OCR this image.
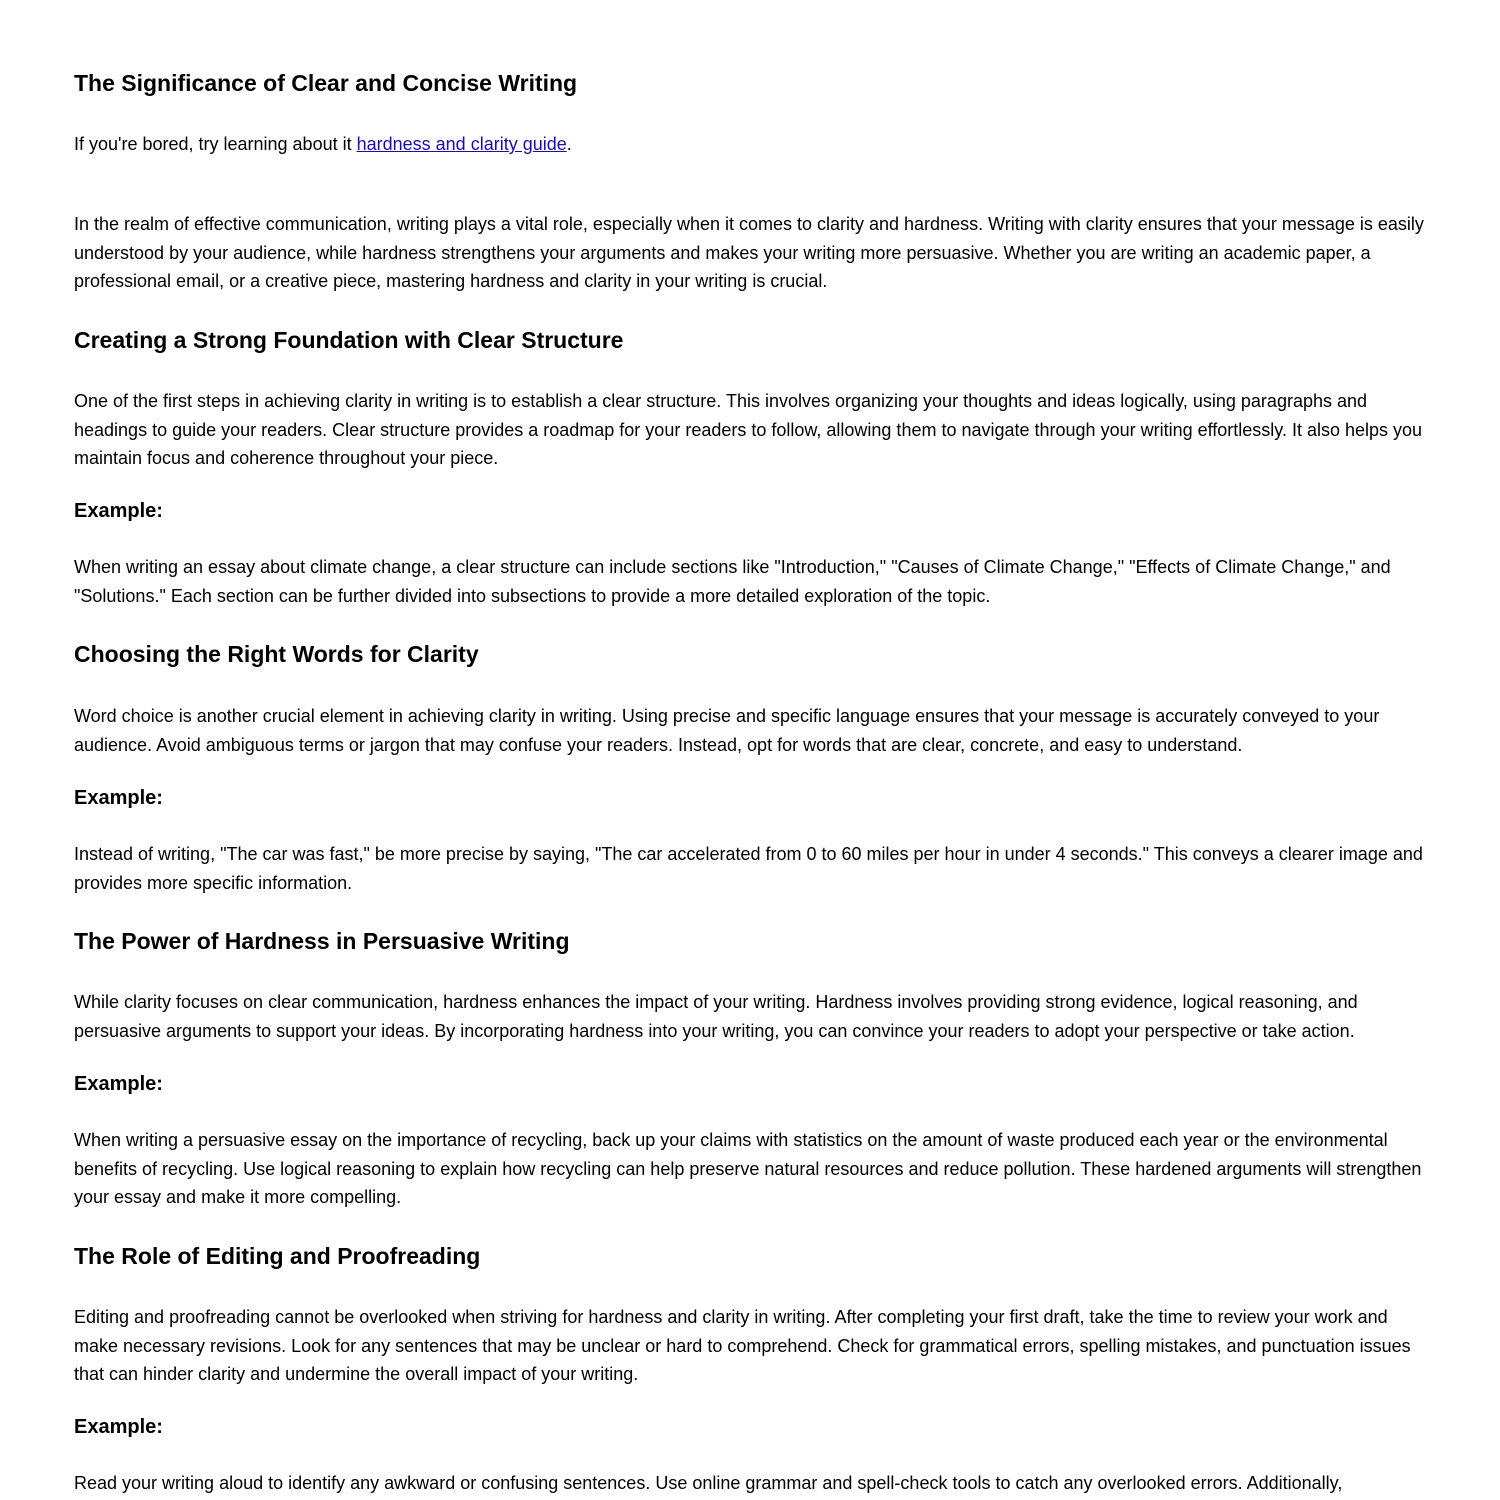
The Significance of Clear and Concise Writing

If you're bored, try learning about it hardness and clarity guide.

In the realm of effective communication, writing plays a vital role, especially when it comes to clarity and hardness. Writing with clarity ensures that your message is easily understood by your audience, while hardness strengthens your arguments and makes your writing more persuasive. Whether you are writing an academic paper, a professional email, or a creative piece, mastering hardness and clarity in your writing is crucial.

Creating a Strong Foundation with Clear Structure

One of the first steps in achieving clarity in writing is to establish a clear structure. This involves organizing your thoughts and ideas logically, using paragraphs and headings to guide your readers. Clear structure provides a roadmap for your readers to follow, allowing them to navigate through your writing effortlessly. It also helps you maintain focus and coherence throughout your piece.

Example:

When writing an essay about climate change, a clear structure can include sections like "Introduction," "Causes of Climate Change," "Effects of Climate Change," and "Solutions." Each section can be further divided into subsections to provide a more detailed exploration of the topic.

Choosing the Right Words for Clarity

Word choice is another crucial element in achieving clarity in writing. Using precise and specific language ensures that your message is accurately conveyed to your audience. Avoid ambiguous terms or jargon that may confuse your readers. Instead, opt for words that are clear, concrete, and easy to understand.

Example:

Instead of writing, "The car was fast," be more precise by saying, "The car accelerated from 0 to 60 miles per hour in under 4 seconds." This conveys a clearer image and provides more specific information.

The Power of Hardness in Persuasive Writing

While clarity focuses on clear communication, hardness enhances the impact of your writing. Hardness involves providing strong evidence, logical reasoning, and persuasive arguments to support your ideas. By incorporating hardness into your writing, you can convince your readers to adopt your perspective or take action.

Example:

When writing a persuasive essay on the importance of recycling, back up your claims with statistics on the amount of waste produced each year or the environmental benefits of recycling. Use logical reasoning to explain how recycling can help preserve natural resources and reduce pollution. These hardened arguments will strengthen your essay and make it more compelling.

The Role of Editing and Proofreading

Editing and proofreading cannot be overlooked when striving for hardness and clarity in writing. After completing your first draft, take the time to review your work and make necessary revisions. Look for any sentences that may be unclear or hard to comprehend. Check for grammatical errors, spelling mistakes, and punctuation issues that can hinder clarity and undermine the overall impact of your writing.

Example:

Read your writing aloud to identify any awkward or confusing sentences. Use online grammar and spell-check tools to catch any overlooked errors. Additionally,
